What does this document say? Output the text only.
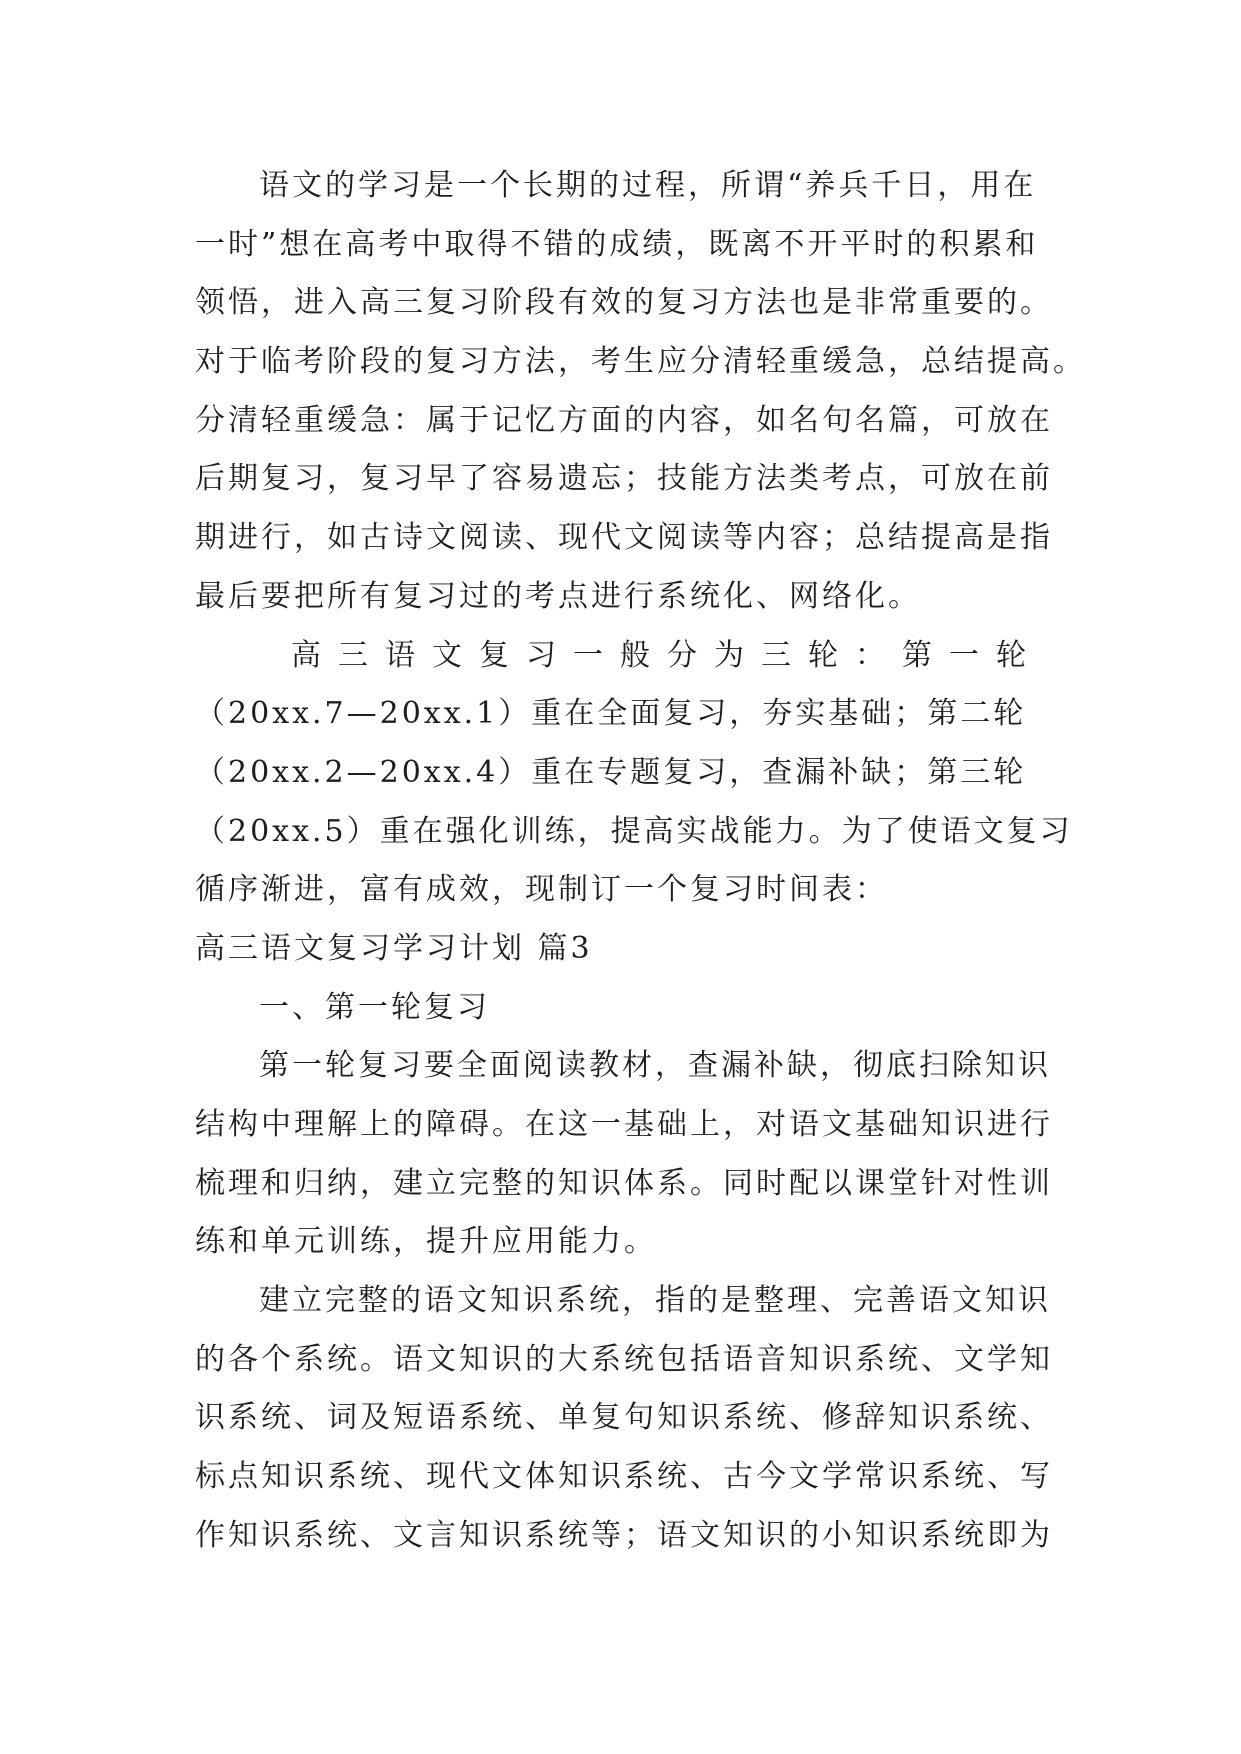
语文的学习是一个长期的过程，所谓“养兵千日，用在
一时”想在高考中取得不错的成绩，既离不开平时的积累和
领悟，进入高三复习阶段有效的复习方法也是非常重要的。
对于临考阶段的复习方法，考生应分清轻重缓急，总结提高。
分清轻重缓急：属于记忆方面的内容，如名句名篇，可放在
后期复习，复习早了容易遗忘；技能方法类考点，可放在前
期进行，如古诗文阅读、现代文阅读等内容；总结提高是指
最后要把所有复习过的考点进行系统化、网络化。
高三语文复习一般分为三轮：第一轮
（20xx.7—20xx.1）重在全面复习，夯实基础；第二轮
（20xx.2—20xx.4）重在专题复习，查漏补缺；第三轮
（20xx.5）重在强化训练，提高实战能力。为了使语文复习
循序渐进，富有成效，现制订一个复习时间表：
高三语文复习学习计划 篇3
一、第一轮复习
第一轮复习要全面阅读教材，查漏补缺，彻底扫除知识
结构中理解上的障碍。在这一基础上，对语文基础知识进行
梳理和归纳，建立完整的知识体系。同时配以课堂针对性训
练和单元训练，提升应用能力。
建立完整的语文知识系统，指的是整理、完善语文知识
的各个系统。语文知识的大系统包括语音知识系统、文学知
识系统、词及短语系统、单复句知识系统、修辞知识系统、
标点知识系统、现代文体知识系统、古今文学常识系统、写
作知识系统、文言知识系统等；语文知识的小知识系统即为
